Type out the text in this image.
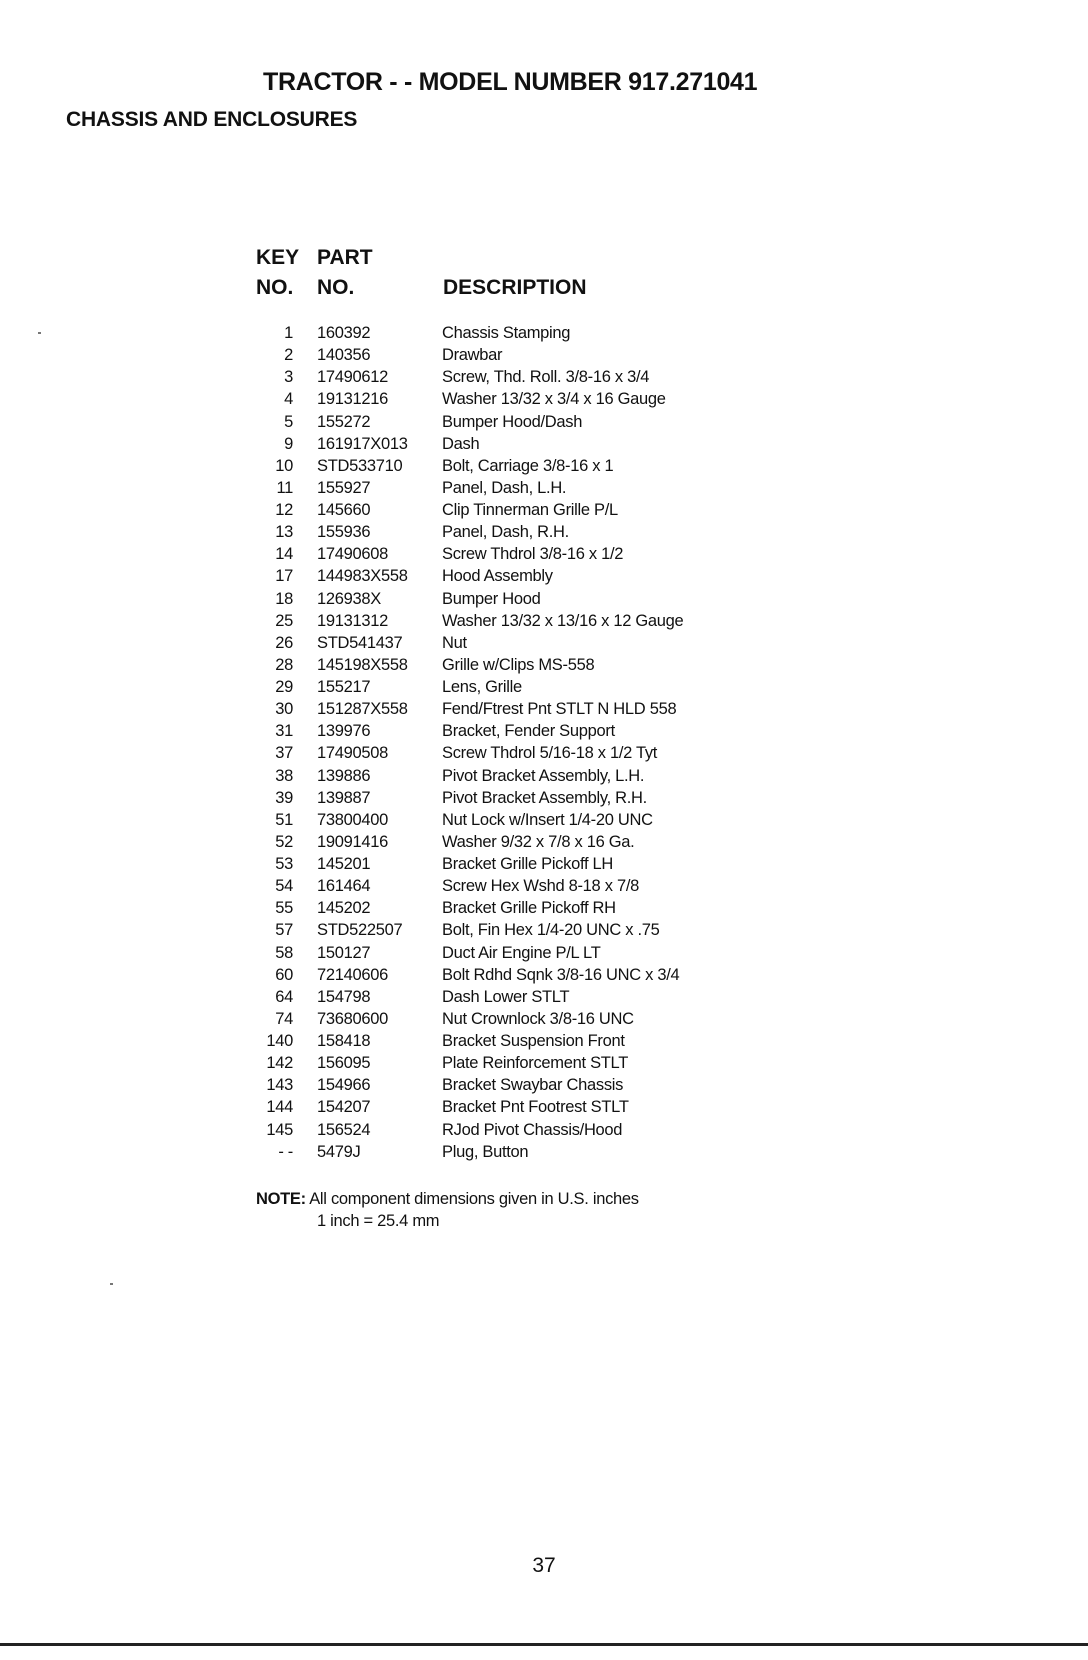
TRACTOR - - MODEL NUMBER 917.271041
CHASSIS AND ENCLOSURES
KEY
NO.
PART
NO.	DESCRIPTION
1 160392	Chassis Stamping
2 140356	Drawbar
3 17490612	Screw, Thd. Roll. 3/8-16 x 3/4
4 19131216	Washer 13/32 x 3/4 x 16 Gauge
5 155272	Bumper Hood/Dash
9 161917X013 Dash
10 STD533710 Bolt, Carriage 3/8-16 x 1
11 155927	Panel, Dash, L.H.
12 145660	Clip Tinnerman Grille P/L
13 155936	Panel, Dash, R.H.
14 17490608	Screw Thdrol 3/8-16 x 1/2
17 144983X558 Hood Assembly
18 126938X	Bumper Hood
25 19131312	Washer 13/32 x 13/16 x 12 Gauge
26 STD541437 Nut
28 145198X558 Grille w/Clips MS-558
29 155217	Lens, Grille
30 151287X558 Fend/Ftrest Pnt STLT N HLD 558
31 139976	Bracket, Fender Support
37 17490508	Screw Thdrol 5/16-18 x 1/2 Tyt
38 139886	Pivot Bracket Assembly, L.H.
39 139887	Pivot Bracket Assembly, R.H.
51 73800400	Nut Lock w/Insert 1/4-20 UNC
52 19091416	Washer 9/32 x 7/8 x 16 Ga.
53 145201	Bracket Grille Pickoff LH
54 161464	Screw Hex Wshd 8-18 x 7/8
55 145202	Bracket Grille Pickoff RH
57 STD522507 Bolt, Fin Hex 1/4-20 UNC x .75
58 150127	Duct Air Engine P/L LT
60 72140606	Bolt Rdhd Sqnk 3/8-16 UNC x 3/4
64 154798	Dash Lower STLT
74 73680600	Nut Crownlock 3/8-16 UNC
140 158418	Bracket Suspension Front
142 156095	Plate Reinforcement STLT
143 154966	Bracket Swaybar Chassis
144 154207	Bracket Pnt Footrest STLT
145 156524	RJod Pivot Chassis/Hood
- - 5479J	Plug, Button
NOTE: All component dimensions given in U.S. inches
1 inch = 25.4 mm
37
